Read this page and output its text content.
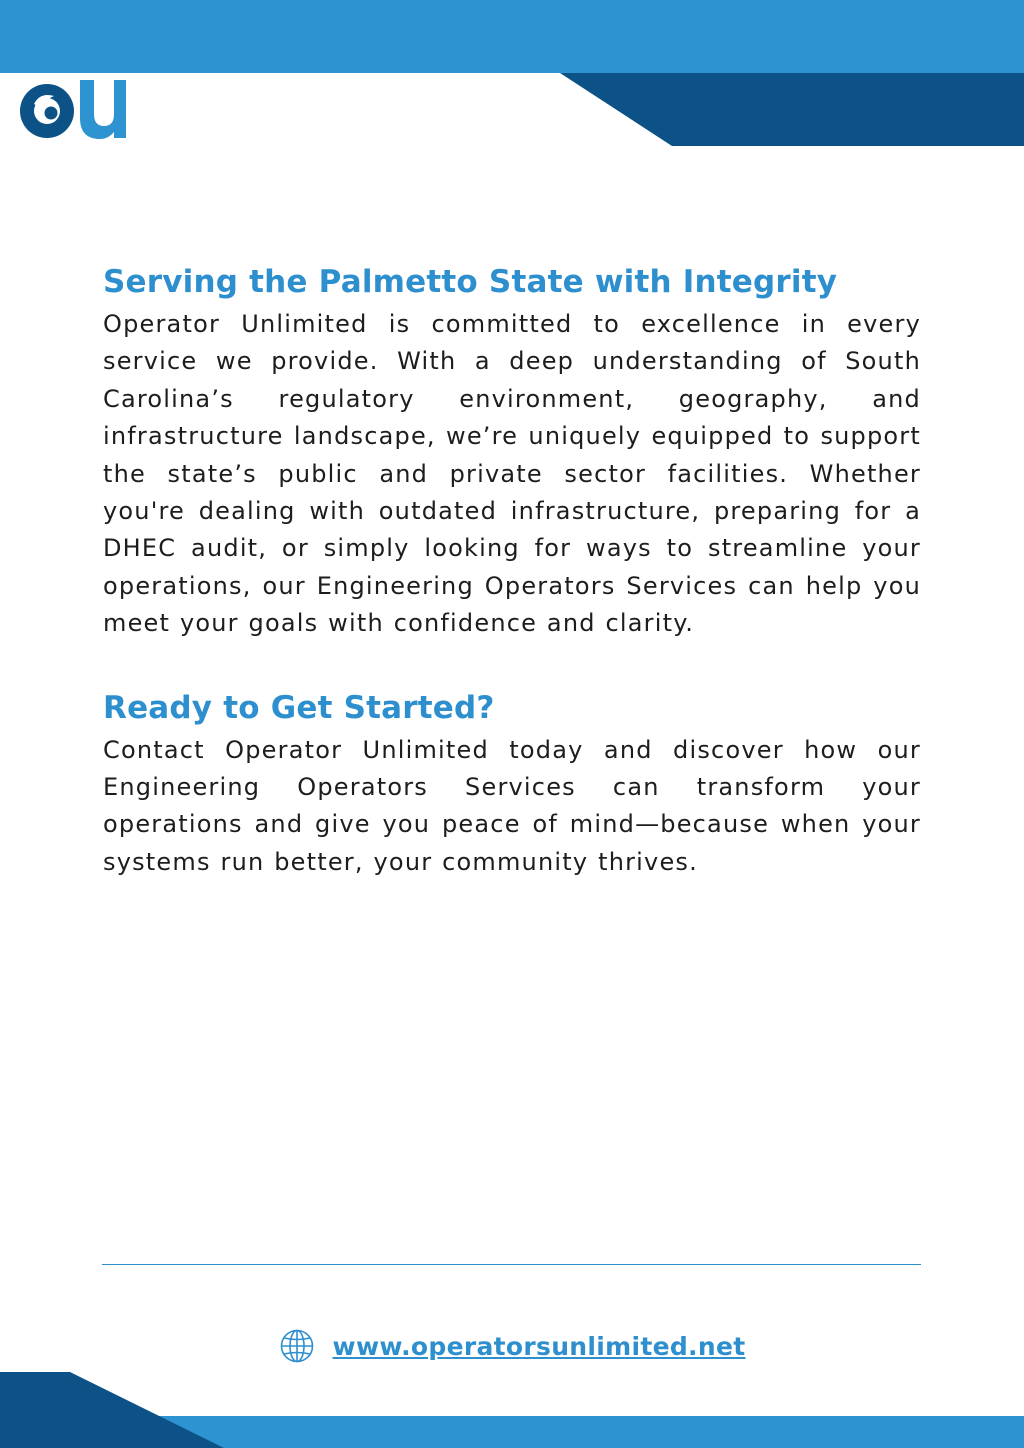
Serving the Palmetto State with Integrity

Operator Unlimited is committed to excellence in every service we provide. With a deep understanding of South Carolina’s regulatory environment, geography, and infrastructure landscape, we’re uniquely equipped to support the state’s public and private sector facilities. Whether you're dealing with outdated infrastructure, preparing for a DHEC audit, or simply looking for ways to streamline your operations, our Engineering Operators Services can help you meet your goals with confidence and clarity.

Ready to Get Started?

Contact Operator Unlimited today and discover how our Engineering Operators Services can transform your operations and give you peace of mind—because when your systems run better, your community thrives.

www.operatorsunlimited.net
